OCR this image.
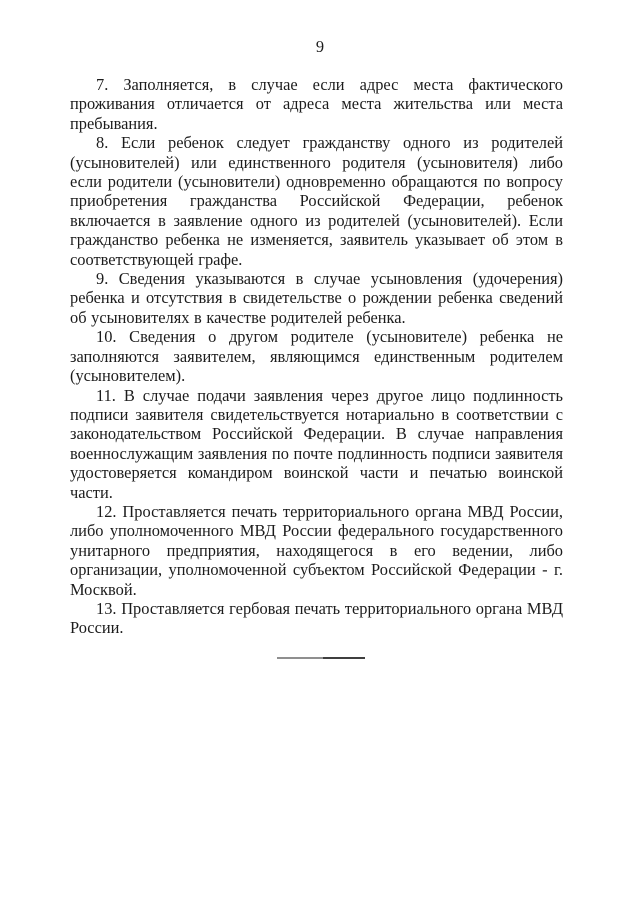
9

7. Заполняется, в случае если адрес места фактического проживания отличается от адреса места жительства или места пребывания.

8. Если ребенок следует гражданству одного из родителей (усыновителей) или единственного родителя (усыновителя) либо если родители (усыновители) одновременно обращаются по вопросу приобретения гражданства Российской Федерации, ребенок включается в заявление одного из родителей (усыновителей). Если гражданство ребенка не изменяется, заявитель указывает об этом в соответствующей графе.

9. Сведения указываются в случае усыновления (удочерения) ребенка и отсутствия в свидетельстве о рождении ребенка сведений об усыновителях в качестве родителей ребенка.

10. Сведения о другом родителе (усыновителе) ребенка не заполняются заявителем, являющимся единственным родителем (усыновителем).

11. В случае подачи заявления через другое лицо подлинность подписи заявителя свидетельствуется нотариально в соответствии с законодательством Российской Федерации. В случае направления военнослужащим заявления по почте подлинность подписи заявителя удостоверяется командиром воинской части и печатью воинской части.

12. Проставляется печать территориального органа МВД России, либо уполномоченного МВД России федерального государственного унитарного предприятия, находящегося в его ведении, либо организации, уполномоченной субъектом Российской Федерации - г. Москвой.

13. Проставляется гербовая печать территориального органа МВД России.
